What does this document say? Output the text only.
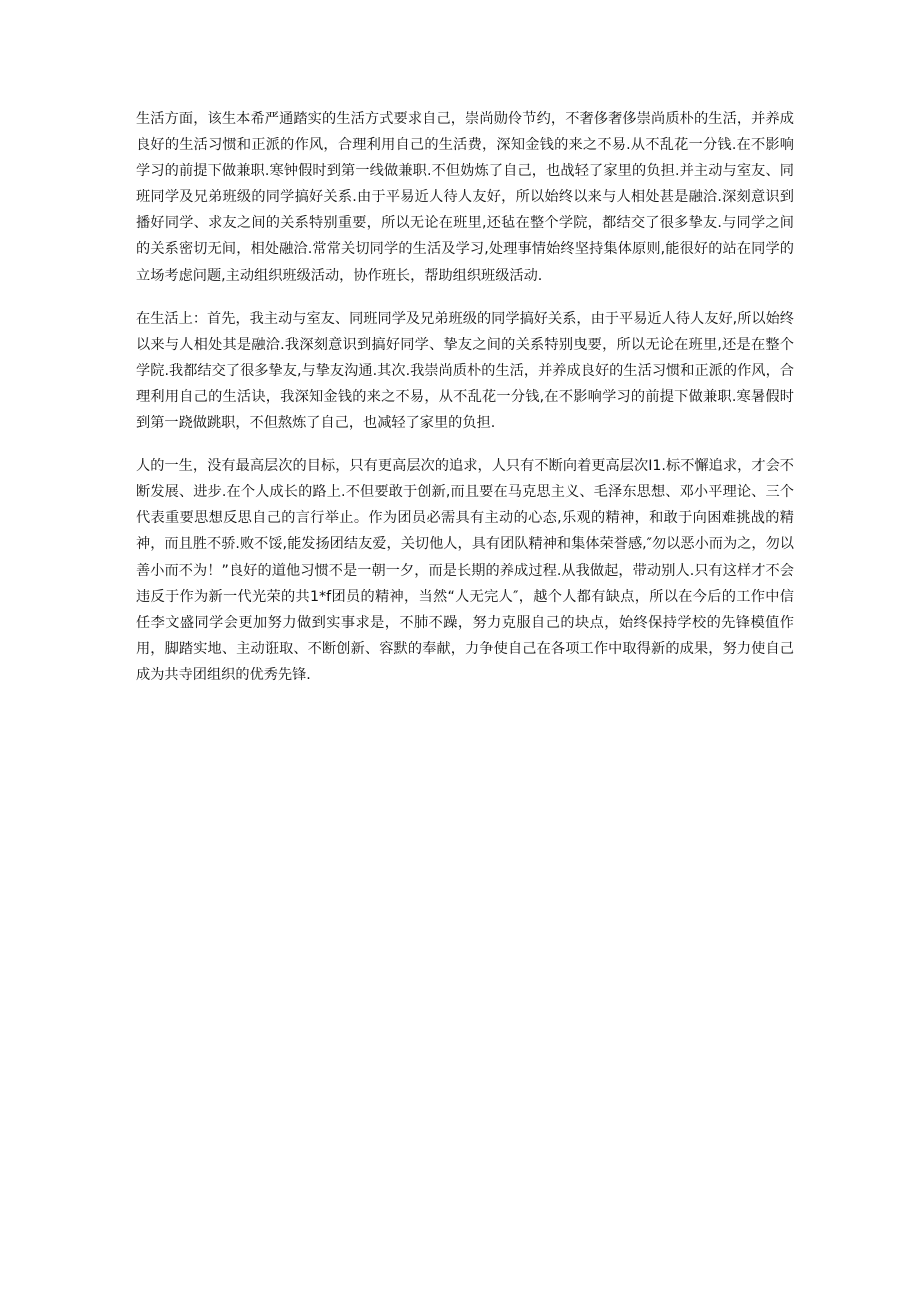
生活方面，该生本希严通踏实的生活方式要求自己，崇尚勋伶节约，不奢侈奢侈崇尚质朴的生活，并养成良好的生活习惯和正派的作风，合理利用自己的生活费，深知金钱的来之不易.从不乱花一分钱.在不影响学习的前提下做兼职.寒钟假时到第一线做兼职.不但妫炼了自己，也战轻了家里的负担.并主动与室友、同班同学及兄弟班级的同学搞好关系.由于平易近人待人友好，所以始终以来与人相处甚是融洽.深刻意识到播好同学、求友之间的关系特别重要，所以无论在班里,还毡在整个学院，都结交了很多挚友.与同学之间的关系密切无间，相处融洽.常常关切同学的生活及学习,处理事情始终坚持集体原则,能很好的站在同学的立场考虑问题,主动组织班级活动，协作班长，帮助组织班级活动.

在生活上：首先，我主动与室友、同班同学及兄弟班级的同学搞好关系，由于平易近人待人友好,所以始终以来与人相处其是融洽.我深刻意识到搞好同学、挚友之间的关系特别曳要，所以无论在班里,还是在整个学院.我都结交了很多挚友,与挚友沟通.其次.我崇尚质朴的生活，并养成良好的生活习惯和正派的作风，合理利用自己的生活诀，我深知金钱的来之不易，从不乱花一分钱,在不影响学习的前提下做兼职.寒暑假时到第一跷做跳职，不但熬炼了自己，也减轻了家里的负担.

人的一生，没有最高层次的目标，只有更高层次的追求，人只有不断向着更高层次I1.标不懈追求，才会不断发展、进步.在个人成长的路上.不但要敢于创新,而且要在马克思主义、毛泽东思想、邓小平理论、三个代表重要思想反思自己的言行举止。作为团员必需具有主动的心态,乐观的精神，和敢于向困难挑战的精神，而且胜不骄.败不馁,能发扬团结友爱，关切他人，具有团队精神和集体荣誉感,″勿以恶小而为之，勿以善小而不为！”良好的道他习惯不是一朝一夕，而是长期的养成过程.从我做起，带动别人.只有这样才不会违反于作为新一代光荣的共1*f团员的精神，当然“人无完人″，越个人都有缺点，所以在今后的工作中信任李文盛同学会更加努力做到实事求是，不肺不躁，努力克服自己的块点，始终保持学校的先锋模值作用，脚踏实地、主动诳取、不断创新、容默的奉献，力争使自己在各项工作中取得新的成果，努力使自己成为共寺团组织的优秀先锋.
